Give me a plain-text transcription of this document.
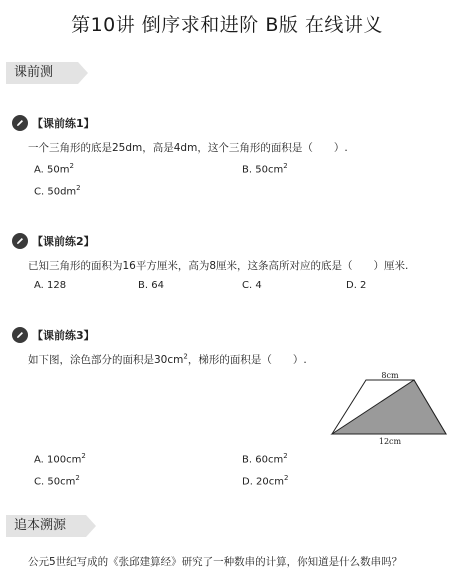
第10讲 倒序求和进阶 B版 在线讲义
课前测
【课前练1】
一个三角形的底是25dm，高是4dm，这个三角形的面积是（　　）.
A. $50m^2$	B. $50cm^2$
C. $50dm^2$
【课前练2】
已知三角形的面积为16平方厘米，高为8厘米，这条高所对应的底是（　　）厘米.
A. 128	B. 64	C. 4	D. 2
【课前练3】
如下图，涂色部分的面积是$30cm^2$，梯形的面积是（　　）.
8cm
12cm
A. $100cm^2$	B. $60cm^2$
C. $50cm^2$	D. $20cm^2$
追本溯源
公元5世纪写成的《张邱建算经》研究了一种数串的计算，你知道是什么数串吗？
